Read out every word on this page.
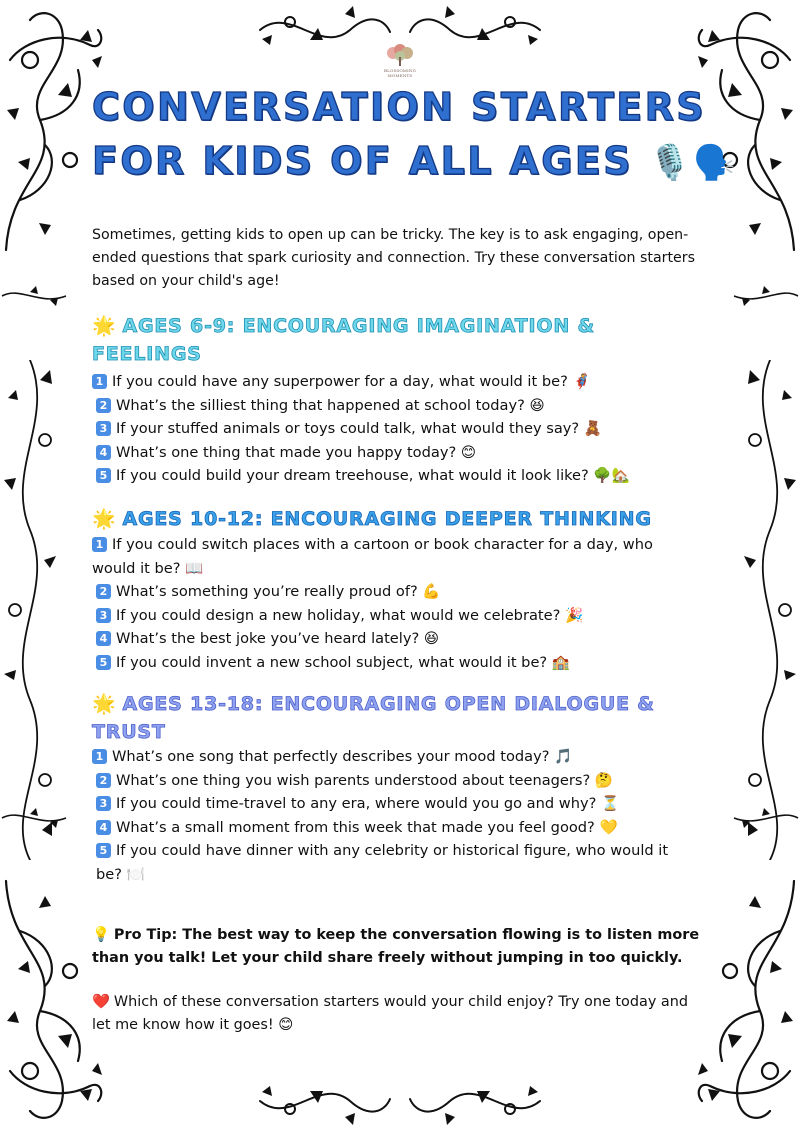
BLOSSOMING MOMENTS
CONVERSATION STARTERS
FOR KIDS OF ALL AGES 🎙️🗣️

Sometimes, getting kids to open up can be tricky. The key is to ask engaging, open-ended questions that spark curiosity and connection. Try these conversation starters based on your child's age!

🌟 AGES 6-9: ENCOURAGING IMAGINATION & FEELINGS
1 If you could have any superpower for a day, what would it be? 🦸
2 What’s the silliest thing that happened at school today? 😆
3 If your stuffed animals or toys could talk, what would they say? 🧸
4 What’s one thing that made you happy today? 😊
5 If you could build your dream treehouse, what would it look like? 🌳🏡
🌟 AGES 10-12: ENCOURAGING DEEPER THINKING
1 If you could switch places with a cartoon or book character for a day, who would it be? 📖
2 What’s something you’re really proud of? 💪
3 If you could design a new holiday, what would we celebrate? 🎉
4 What’s the best joke you’ve heard lately? 😆
5 If you could invent a new school subject, what would it be? 🏫
🌟 AGES 13-18: ENCOURAGING OPEN DIALOGUE & TRUST
1 What’s one song that perfectly describes your mood today? 🎵
2 What’s one thing you wish parents understood about teenagers? 🤔
3 If you could time-travel to any era, where would you go and why? ⏳
4 What’s a small moment from this week that made you feel good? 💛
5 If you could have dinner with any celebrity or historical figure, who would it be? 🍽️

💡 Pro Tip: The best way to keep the conversation flowing is to listen more than you talk! Let your child share freely without jumping in too quickly.

❤️ Which of these conversation starters would your child enjoy? Try one today and let me know how it goes! 😊
